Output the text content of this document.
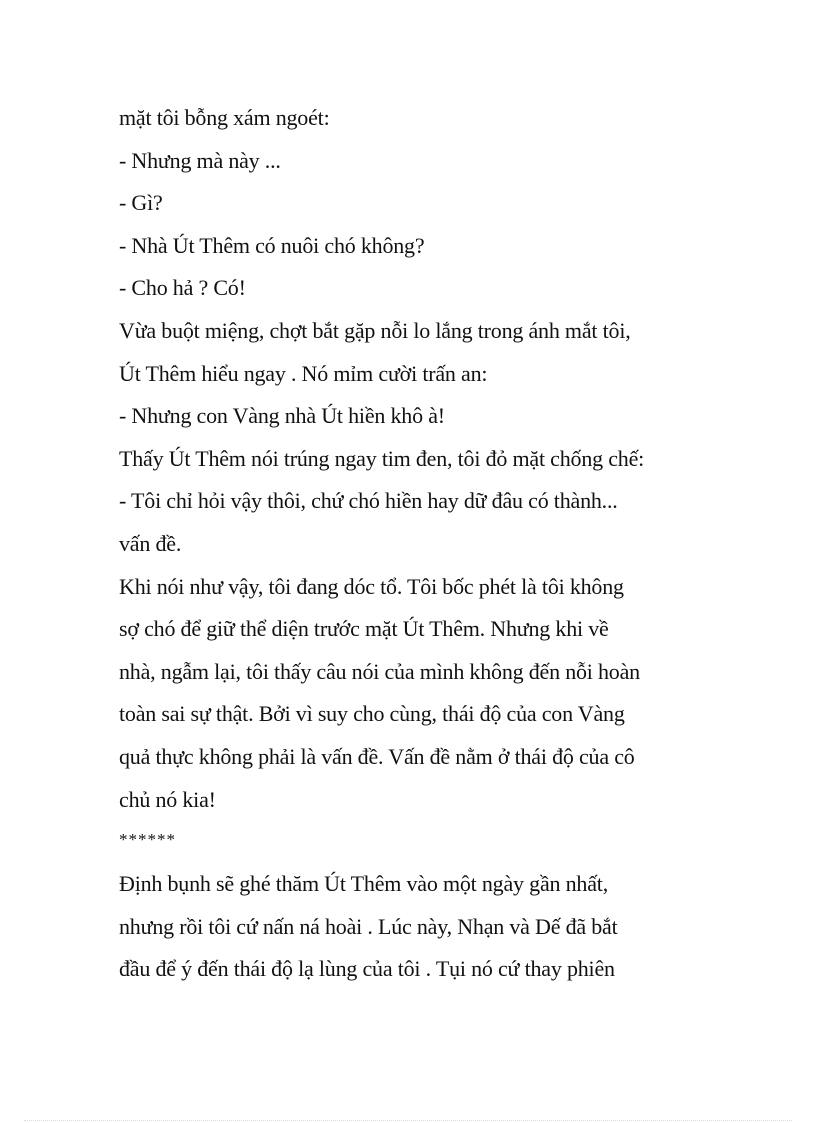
mặt tôi bỗng xám ngoét:
- Nhưng mà này ...
- Gì?
- Nhà Út Thêm có nuôi chó không?
- Cho hả ? Có!
Vừa buột miệng, chợt bắt gặp nỗi lo lắng trong ánh mắt tôi,
Út Thêm hiểu ngay . Nó mỉm cười trấn an:
- Nhưng con Vàng nhà Út hiền khô à!
Thấy Út Thêm nói trúng ngay tim đen, tôi đỏ mặt chống chế:
- Tôi chỉ hỏi vậy thôi, chứ chó hiền hay dữ đâu có thành...
vấn đề.
Khi nói như vậy, tôi đang dóc tổ. Tôi bốc phét là tôi không
sợ chó để giữ thể diện trước mặt Út Thêm. Nhưng khi về
nhà, ngẫm lại, tôi thấy câu nói của mình không đến nỗi hoàn
toàn sai sự thật. Bởi vì suy cho cùng, thái độ của con Vàng
quả thực không phải là vấn đề. Vấn đề nằm ở thái độ của cô
chủ nó kia!
******
Định bụnh sẽ ghé thăm Út Thêm vào một ngày gần nhất,
nhưng rồi tôi cứ nấn ná hoài . Lúc này, Nhạn và Dế đã bắt
đầu để ý đến thái độ lạ lùng của tôi . Tụi nó cứ thay phiên
